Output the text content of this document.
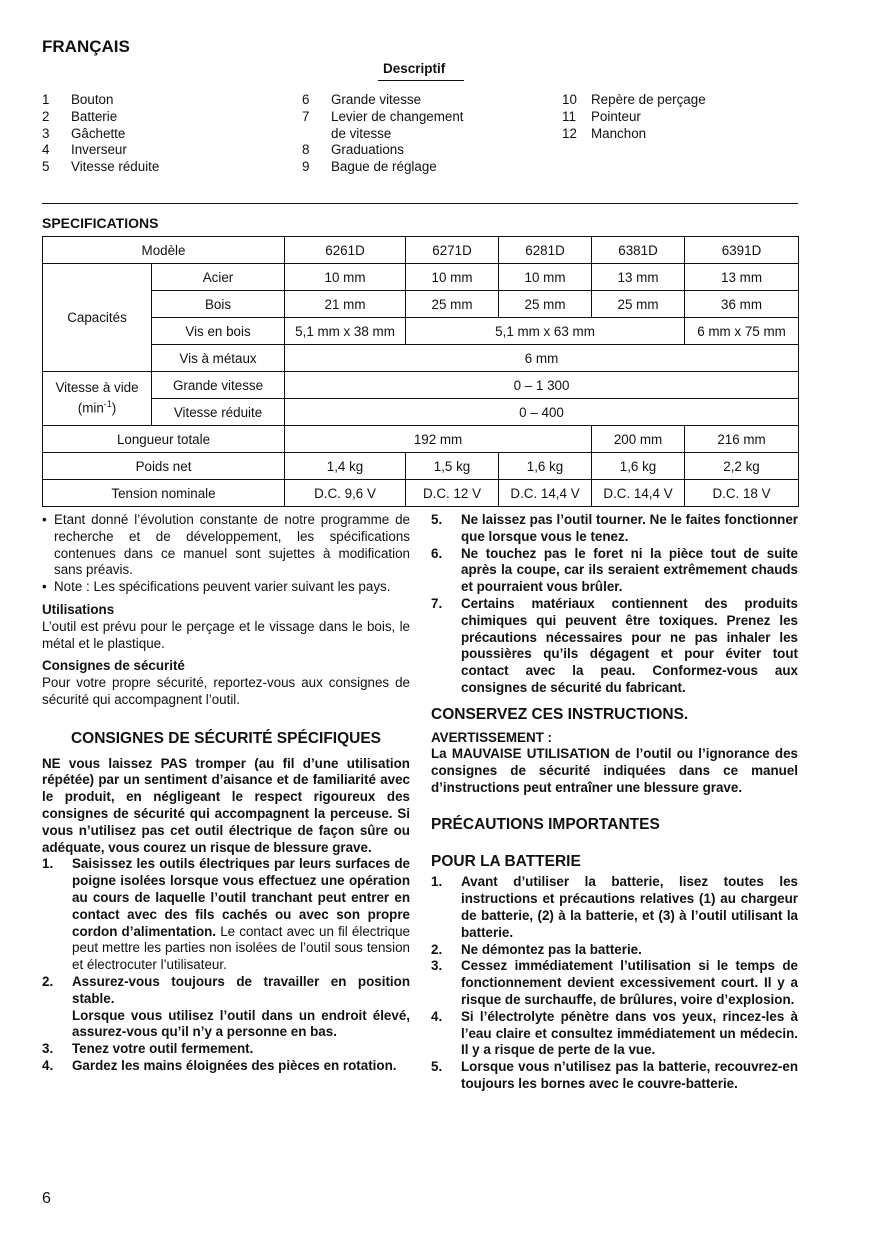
FRANÇAIS
Descriptif
1 Bouton
2 Batterie
3 Gâchette
4 Inverseur
5 Vitesse réduite
6 Grande vitesse
7 Levier de changement de vitesse
8 Graduations
9 Bague de réglage
10 Repère de perçage
11 Pointeur
12 Manchon
SPECIFICATIONS
Modèle		6261D	6271D	6281D	6381D	6391D
Capacités	Acier	10 mm	10 mm	10 mm	13 mm	13 mm
	Bois	21 mm	25 mm	25 mm	25 mm	36 mm
	Vis en bois	5,1 mm x 38 mm	5,1 mm x 63 mm			6 mm x 75 mm
	Vis à métaux	6 mm				
Vitesse à vide
$(\min^{-1})$	Grande vitesse	0 – 1 300				
	Vitesse réduite	0 – 400				
Longueur totale		192 mm			200 mm	216 mm
Poids net		1,4 kg	1,5 kg	1,6 kg	1,6 kg	2,2 kg
Tension nominale		D.C. 9,6 V	D.C. 12 V	D.C. 14,4 V	D.C. 14,4 V	D.C. 18 V
• Etant donné l’évolution constante de notre programme de recherche et de développement, les spécifications contenues dans ce manuel sont sujettes à modification sans préavis.
• Note : Les spécifications peuvent varier suivant les pays.
Utilisations
L’outil est prévu pour le perçage et le vissage dans le bois, le métal et le plastique.
Consignes de sécurité
Pour votre propre sécurité, reportez-vous aux consignes de sécurité qui accompagnent l’outil.
CONSIGNES DE SÉCURITÉ SPÉCIFIQUES
NE vous laissez PAS tromper (au fil d’une utilisation répétée) par un sentiment d’aisance et de familiarité avec le produit, en négligeant le respect rigoureux des consignes de sécurité qui accompagnent la perceuse. Si vous n’utilisez pas cet outil électrique de façon sûre ou adéquate, vous courez un risque de blessure grave.
1. Saisissez les outils électriques par leurs surfaces de poigne isolées lorsque vous effectuez une opération au cours de laquelle l’outil tranchant peut entrer en contact avec des fils cachés ou avec son propre cordon d’alimentation. Le contact avec un fil électrique peut mettre les parties non isolées de l’outil sous tension et électrocuter l’utilisateur.
2. Assurez-vous toujours de travailler en position stable.
Lorsque vous utilisez l’outil dans un endroit élevé, assurez-vous qu’il n’y a personne en bas.
3. Tenez votre outil fermement.
4. Gardez les mains éloignées des pièces en rotation.
5. Ne laissez pas l’outil tourner. Ne le faites fonctionner que lorsque vous le tenez.
6. Ne touchez pas le foret ni la pièce tout de suite après la coupe, car ils seraient extrêmement chauds et pourraient vous brûler.
7. Certains matériaux contiennent des produits chimiques qui peuvent être toxiques. Prenez les précautions nécessaires pour ne pas inhaler les poussières qu’ils dégagent et pour éviter tout contact avec la peau. Conformez-vous aux consignes de sécurité du fabricant.
CONSERVEZ CES INSTRUCTIONS.
AVERTISSEMENT :
La MAUVAISE UTILISATION de l’outil ou l’ignorance des consignes de sécurité indiquées dans ce manuel d’instructions peut entraîner une blessure grave.
PRÉCAUTIONS IMPORTANTES
POUR LA BATTERIE
1. Avant d’utiliser la batterie, lisez toutes les instructions et précautions relatives (1) au chargeur de batterie, (2) à la batterie, et (3) à l’outil utilisant la batterie.
2. Ne démontez pas la batterie.
3. Cessez immédiatement l’utilisation si le temps de fonctionnement devient excessivement court. Il y a risque de surchauffe, de brûlures, voire d’explosion.
4. Si l’électrolyte pénètre dans vos yeux, rincez-les à l’eau claire et consultez immédiatement un médecin. Il y a risque de perte de la vue.
5. Lorsque vous n’utilisez pas la batterie, recouvrez-en toujours les bornes avec le couvre-batterie.
6
